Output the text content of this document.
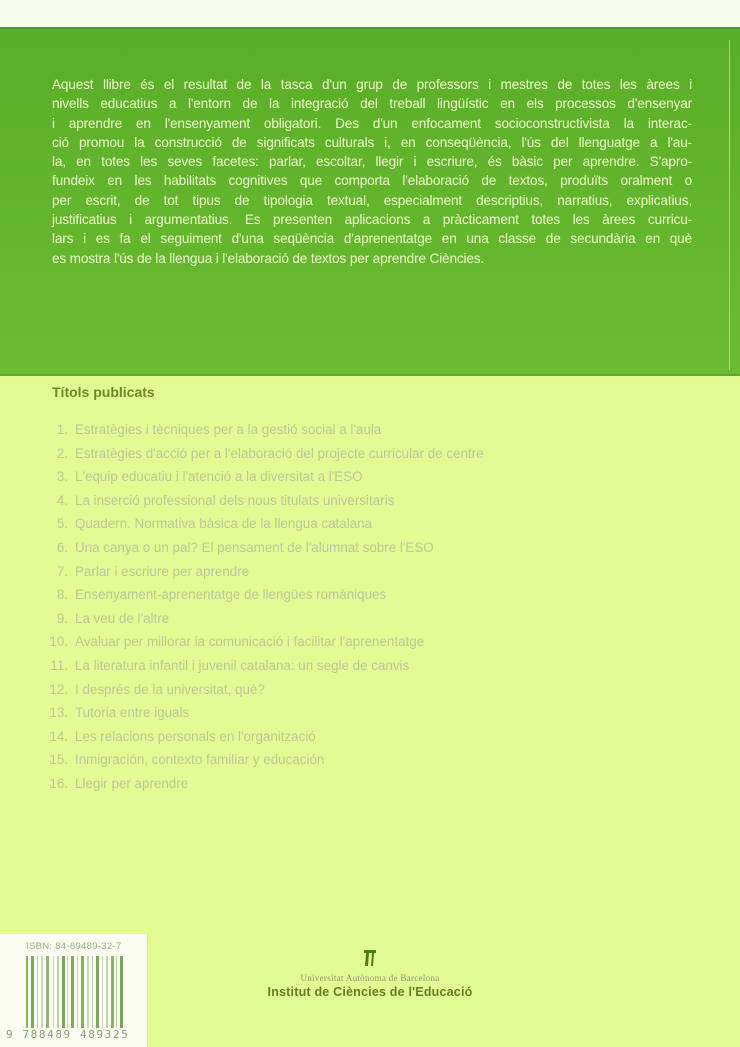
Aquest llibre és el resultat de la tasca d'un grup de professors i mestres de totes les àrees i
nivells educatius a l'entorn de la integració del treball lingüístic en els processos d'ensenyar
i aprendre en l'ensenyament obligatori. Des d'un enfocament socioconstructivista la interac-
ció promou la construcció de significats culturals i, en conseqüència, l'ús del llenguatge a l'au-
la, en totes les seves facetes: parlar, escoltar, llegir i escriure, és bàsic per aprendre. S'apro-
fundeix en les habilitats cognitives que comporta l'elaboració de textos, produïts oralment o
per escrit, de tot tipus de tipologia textual, especialment descriptius, narratius, explicatius,
justificatius i argumentatius. Es presenten aplicacions a pràcticament totes les àrees curricu-
lars i es fa el seguiment d'una seqüència d'aprenentatge en una classe de secundària en què
es mostra l'ús de la llengua i l'elaboració de textos per aprendre Ciències.
Títols publicats
1. Estratègies i tècniques per a la gestió social a l'aula
2. Estratègies d'acció per a l'elaboració del projecte curricular de centre
3. L'equip educatiu i l'atenció a la diversitat a l'ESO
4. La inserció professional dels nous titulats universitaris
5. Quadern. Normativa bàsica de la llengua catalana
6. Una canya o un pal? El pensament de l'alumnat sobre l'ESO
7. Parlar i escriure per aprendre
8. Ensenyament-aprenentatge de llengües romàniques
9. La veu de l'altre
10. Avaluar per millorar la comunicació i facilitar l'aprenentatge
11. La literatura infantil i juvenil catalana: un segle de canvis
12. I després de la universitat, què?
13. Tutoria entre iguals
14. Les relacions personals en l'organització
15. Inmigración, contexto familiar y educación
16. Llegir per aprendre
ISBN: 84-89489-32-7
9 788489 489325
Universitat Autònoma de Barcelona
Institut de Ciències de l'Educació
